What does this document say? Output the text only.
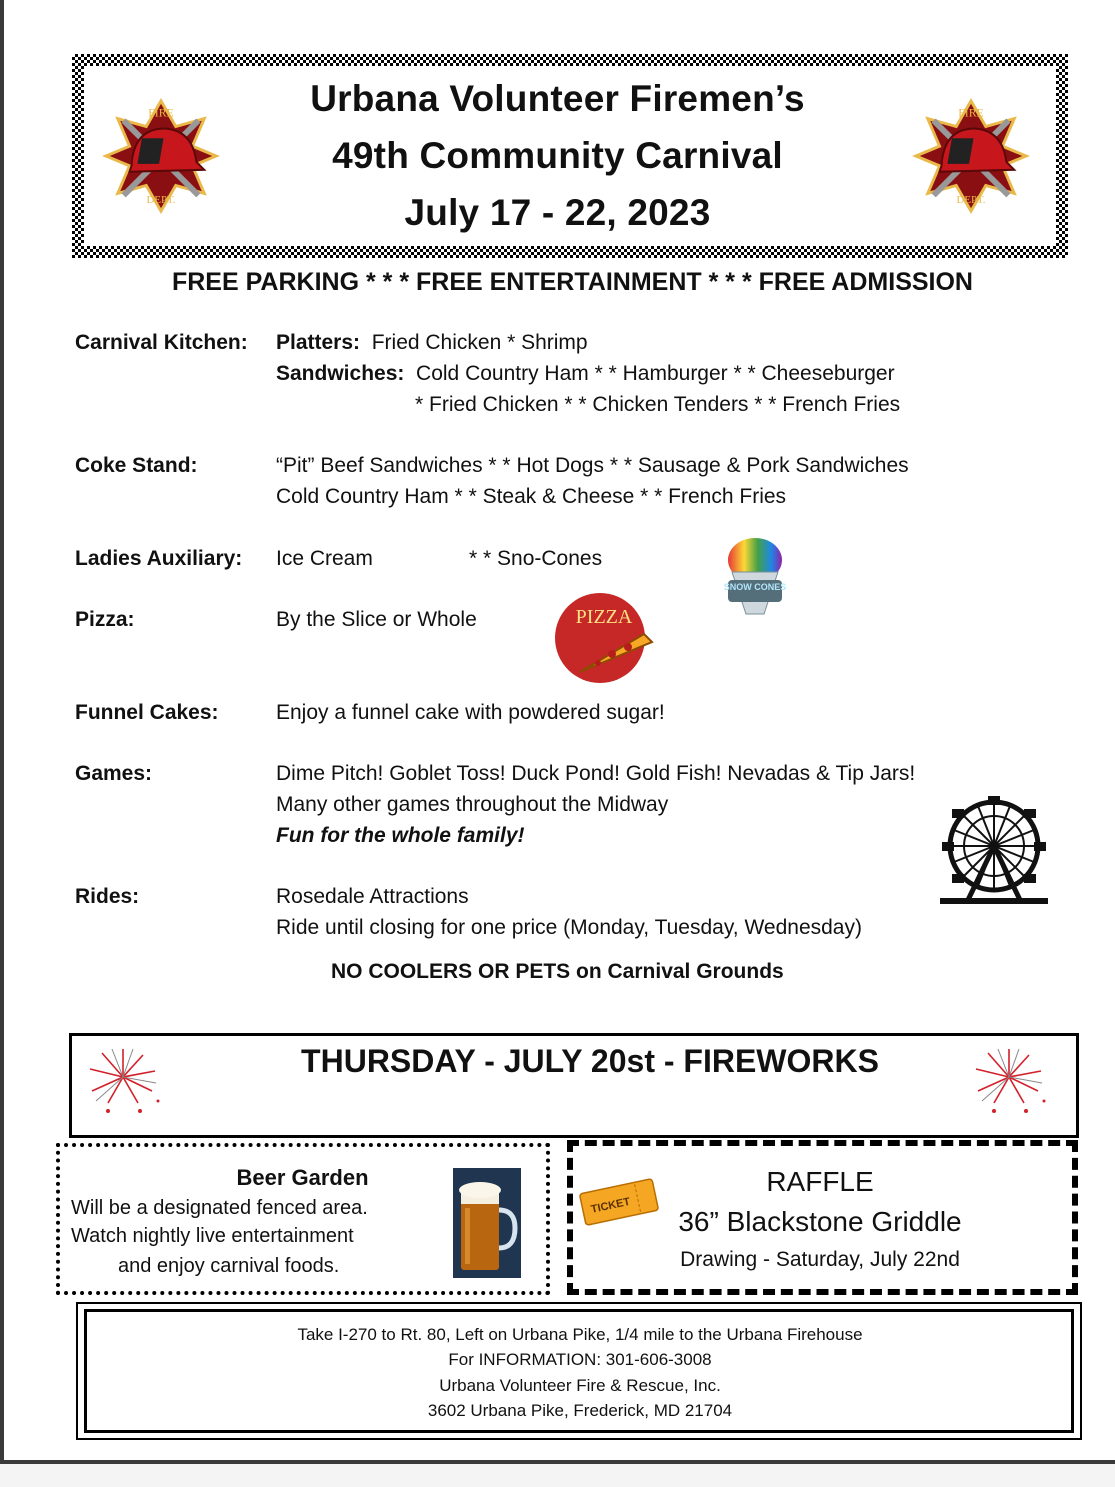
FIRE
DEPT.
FIRE
DEPT.
Urbana Volunteer Firemen’s
49th Community Carnival
July 17 - 22, 2023
FREE PARKING * * * FREE ENTERTAINMENT * * * FREE ADMISSION
Carnival Kitchen: Platters: Fried Chicken * Shrimp
Sandwiches: Cold Country Ham * * Hamburger * * Cheeseburger
* Fried Chicken * * Chicken Tenders * * French Fries
Coke Stand:	“Pit” Beef Sandwiches * * Hot Dogs * * Sausage & Pork Sandwiches
Cold Country Ham * * Steak & Cheese * * French Fries
Ladies Auxiliary: Ice Cream	* * Sno-Cones
SNOW CONES
Pizza:	By the Slice or Whole	PIZZA
Funnel Cakes:	Enjoy a funnel cake with powdered sugar!
Games:	Dime Pitch! Goblet Toss! Duck Pond! Gold Fish! Nevadas & Tip Jars!
Many other games throughout the Midway
Fun for the whole family!
Rides:	Rosedale Attractions
Ride until closing for one price (Monday, Tuesday, Wednesday)
NO COOLERS OR PETS on Carnival Grounds
THURSDAY - JULY 20st - FIREWORKS
Beer Garden
Will be a designated fenced area.
Watch nightly live entertainment
and enjoy carnival foods.
TICKET
RAFFLE
36” Blackstone Griddle
Drawing - Saturday, July 22nd
Take I-270 to Rt. 80, Left on Urbana Pike, 1/4 mile to the Urbana Firehouse
For INFORMATION: 301-606-3008
Urbana Volunteer Fire & Rescue, Inc.
3602 Urbana Pike, Frederick, MD 21704
